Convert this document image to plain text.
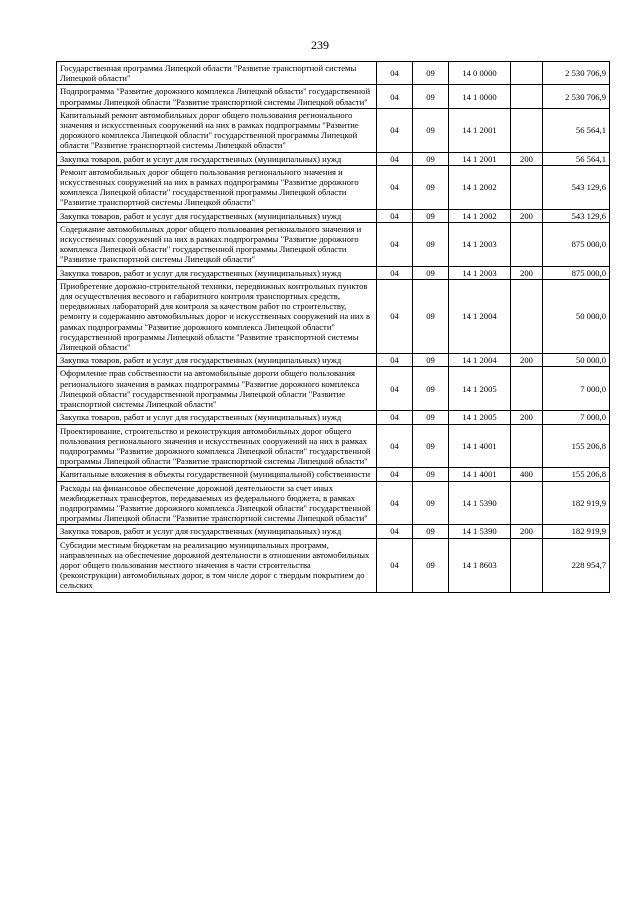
239
Государственная программа Липецкой области "Развитие транспортной системы Липецкой области"	04	09	14 0 0000		2 530 706,9
Подпрограмма "Развитие дорожного комплекса Липецкой области" государственной программы Липецкой области "Развитие транспортной системы Липецкой области"	04	09	14 1 0000		2 530 706,9
Капитальный ремонт автомобильных дорог общего пользования регионального значения и искусственных сооружений на них в рамках подпрограммы "Развитие дорожного комплекса Липецкой области" государственной программы Липецкой области "Развитие транспортной системы Липецкой области"	04	09	14 1 2001		56 564,1
Закупка товаров, работ и услуг для государственных (муниципальных) нужд	04	09	14 1 2001	200	56 564,1
Ремонт автомобильных дорог общего пользования регионального значения и искусственных сооружений на них в рамках подпрограммы "Развитие дорожного комплекса Липецкой области" государственной программы Липецкой области "Развитие транспортной системы Липецкой области"	04	09	14 1 2002		543 129,6
Закупка товаров, работ и услуг для государственных (муниципальных) нужд	04	09	14 1 2002	200	543 129,6
Содержание автомобильных дорог общего пользования регионального значения и искусственных сооружений на них в рамках подпрограммы "Развитие дорожного комплекса Липецкой области" государственной программы Липецкой области "Развитие транспортной системы Липецкой области"	04	09	14 1 2003		875 000,0
Закупка товаров, работ и услуг для государственных (муниципальных) нужд	04	09	14 1 2003	200	875 000,0
Приобретение дорожно-строительной техники, передвижных контрольных пунктов для осуществления весового и габаритного контроля транспортных средств, передвижных лабораторий для контроля за качеством работ по строительству, ремонту и содержанию автомобильных дорог и искусственных сооружений на них в рамках подпрограммы "Развитие дорожного комплекса Липецкой области" государственной программы Липецкой области "Развитие транспортной системы Липецкой области"	04	09	14 1 2004		50 000,0
Закупка товаров, работ и услуг для государственных (муниципальных) нужд	04	09	14 1 2004	200	50 000,0
Оформление прав собственности на автомобильные дороги общего пользования регионального значения в рамках подпрограммы "Развитие дорожного комплекса Липецкой области" государственной программы Липецкой области "Развитие транспортной системы Липецкой области"	04	09	14 1 2005		7 000,0
Закупка товаров, работ и услуг для государственных (муниципальных) нужд	04	09	14 1 2005	200	7 000,0
Проектирование, строительство и реконструкция автомобильных дорог общего пользования регионального значения и искусственных сооружений на них в рамках подпрограммы "Развитие дорожного комплекса Липецкой области" государственной программы Липецкой области "Развитие транспортной системы Липецкой области"	04	09	14 1 4001		155 206,8
Капитальные вложения в объекты государственной (муниципальной) собственности	04	09	14 1 4001	400	155 206,8
Расходы на финансовое обеспечение дорожной деятельности за счет иных межбюджетных трансфертов, передаваемых из федерального бюджета, в рамках подпрограммы "Развитие дорожного комплекса Липецкой области" государственной программы Липецкой области "Развитие транспортной системы Липецкой области"	04	09	14 1 5390		182 919,9
Закупка товаров, работ и услуг для государственных (муниципальных) нужд	04	09	14 1 5390	200	182 919,9
Субсидии местным бюджетам на реализацию муниципальных программ, направленных на обеспечение дорожной деятельности в отношении автомобильных дорог общего пользования местного значения в части строительства (реконструкции) автомобильных дорог, в том числе дорог с твердым покрытием до сельских	04	09	14 1 8603		228 954,7
